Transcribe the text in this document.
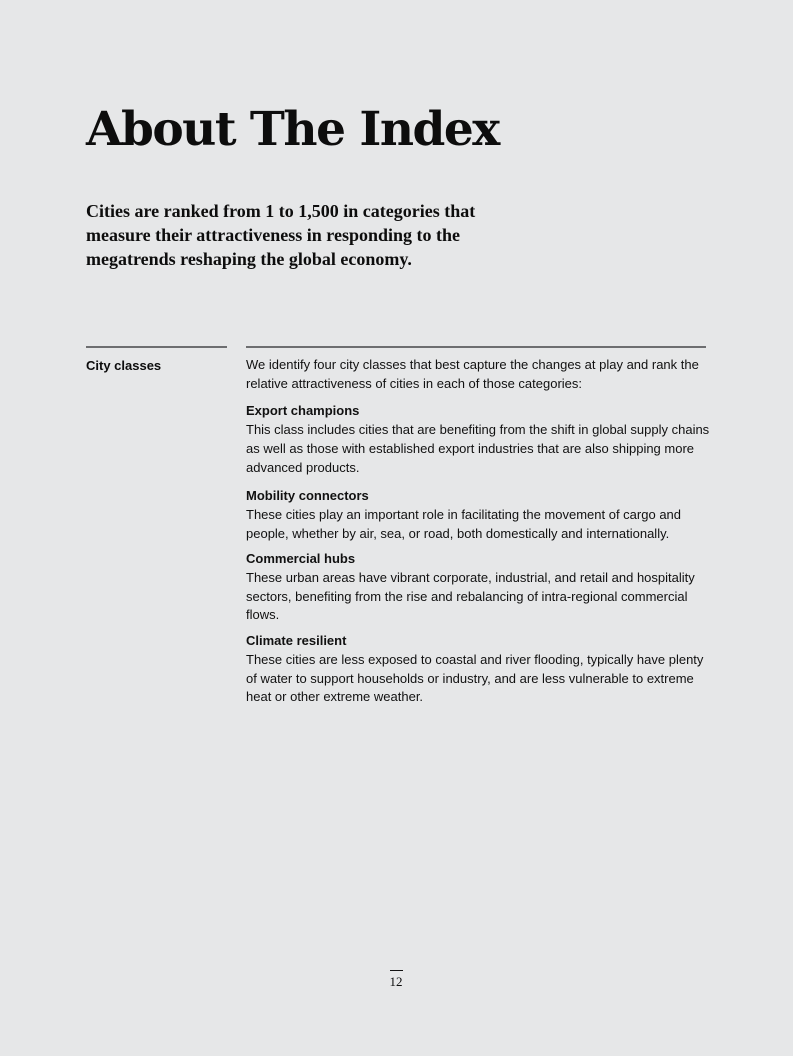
About The Index

Cities are ranked from 1 to 1,500 in categories that measure their attractiveness in responding to the megatrends reshaping the global economy.

City classes	We identify four city classes that best capture the changes at play and rank the relative attractiveness of cities in each of those categories:

Export champions
This class includes cities that are benefiting from the shift in global supply chains as well as those with established export industries that are also shipping more advanced products.
Mobility connectors
These cities play an important role in facilitating the movement of cargo and people, whether by air, sea, or road, both domestically and internationally.
Commercial hubs
These urban areas have vibrant corporate, industrial, and retail and hospitality sectors, benefiting from the rise and rebalancing of intra-regional commercial flows.
Climate resilient
These cities are less exposed to coastal and river flooding, typically have plenty of water to support households or industry, and are less vulnerable to extreme heat or other extreme weather.
12
